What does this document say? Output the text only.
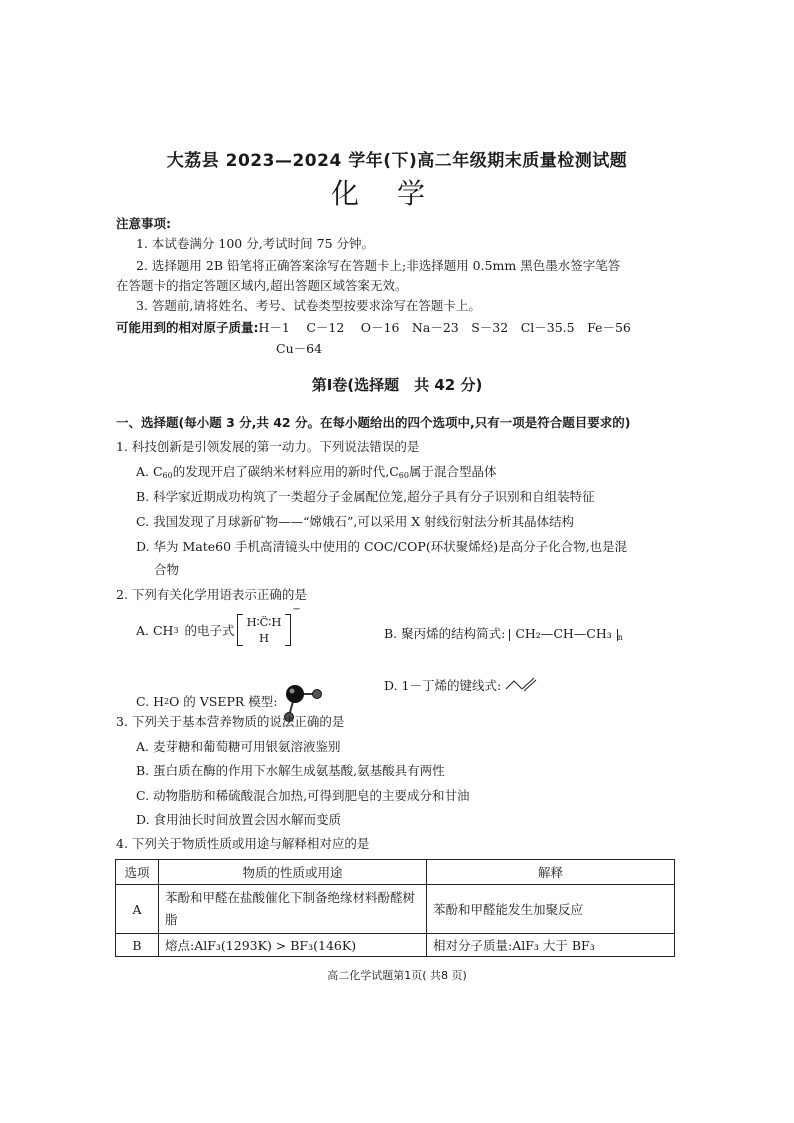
大荔县 2023—2024 学年(下)高二年级期末质量检测试题
化学
注意事项:
1. 本试卷满分 100 分,考试时间 75 分钟。
2. 选择题用 2B 铅笔将正确答案涂写在答题卡上;非选择题用 0.5mm 黑色墨水签字笔答
在答题卡的指定答题区域内,超出答题区域答案无效。
3. 答题前,请将姓名、考号、试卷类型按要求涂写在答题卡上。
可能用到的相对原子质量:H－1　 C－12　 O－16　Na－23　S－32　Cl－35.5　Fe－56
Cu－64
第Ⅰ卷(选择题　共 42 分)
一、选择题(每小题 3 分,共 42 分。在每小题给出的四个选项中,只有一项是符合题目要求的)
1. 科技创新是引领发展的第一动力。下列说法错误的是
A. $C_{60}$的发现开启了碳纳米材料应用的新时代$,C_{60}$属于混合型晶体
B. 科学家近期成功构筑了一类超分子金属配位笼,超分子具有分子识别和自组装特征
C. 我国发现了月球新矿物——“嫦娥石”,可以采用 X 射线衍射法分析其晶体结构
D. 华为 Mate60 手机高清镜头中使用的 COC/COP(环状聚烯烃)是高分子化合物,也是混
合物
2. 下列有关化学用语表示正确的是
A. CH 3 的电子式
H∶C̈∶H
H
−
B. 聚丙烯的结构简式: CH₂—CH—CH₃ $_n$
C. H 2 O 的 VSEPR 模型:
D. 1－丁烯的键线式:
3. 下列关于基本营养物质的说法正确的是
A. 麦芽糖和葡萄糖可用银氨溶液鉴别
B. 蛋白质在酶的作用下水解生成氨基酸,氨基酸具有两性
C. 动物脂肪和稀硫酸混合加热,可得到肥皂的主要成分和甘油
D. 食用油长时间放置会因水解而变质
4. 下列关于物质性质或用途与解释相对应的是
选项	物质的性质或用途	解释
A	苯酚和甲醛在盐酸催化下制备绝缘材料酚醛树脂	苯酚和甲醛能发生加聚反应
B	熔点:AlF₃(1293K) > BF₃(146K)	相对分子质量:AlF₃ 大于 BF₃
高二化学试题第1页( 共8 页)
